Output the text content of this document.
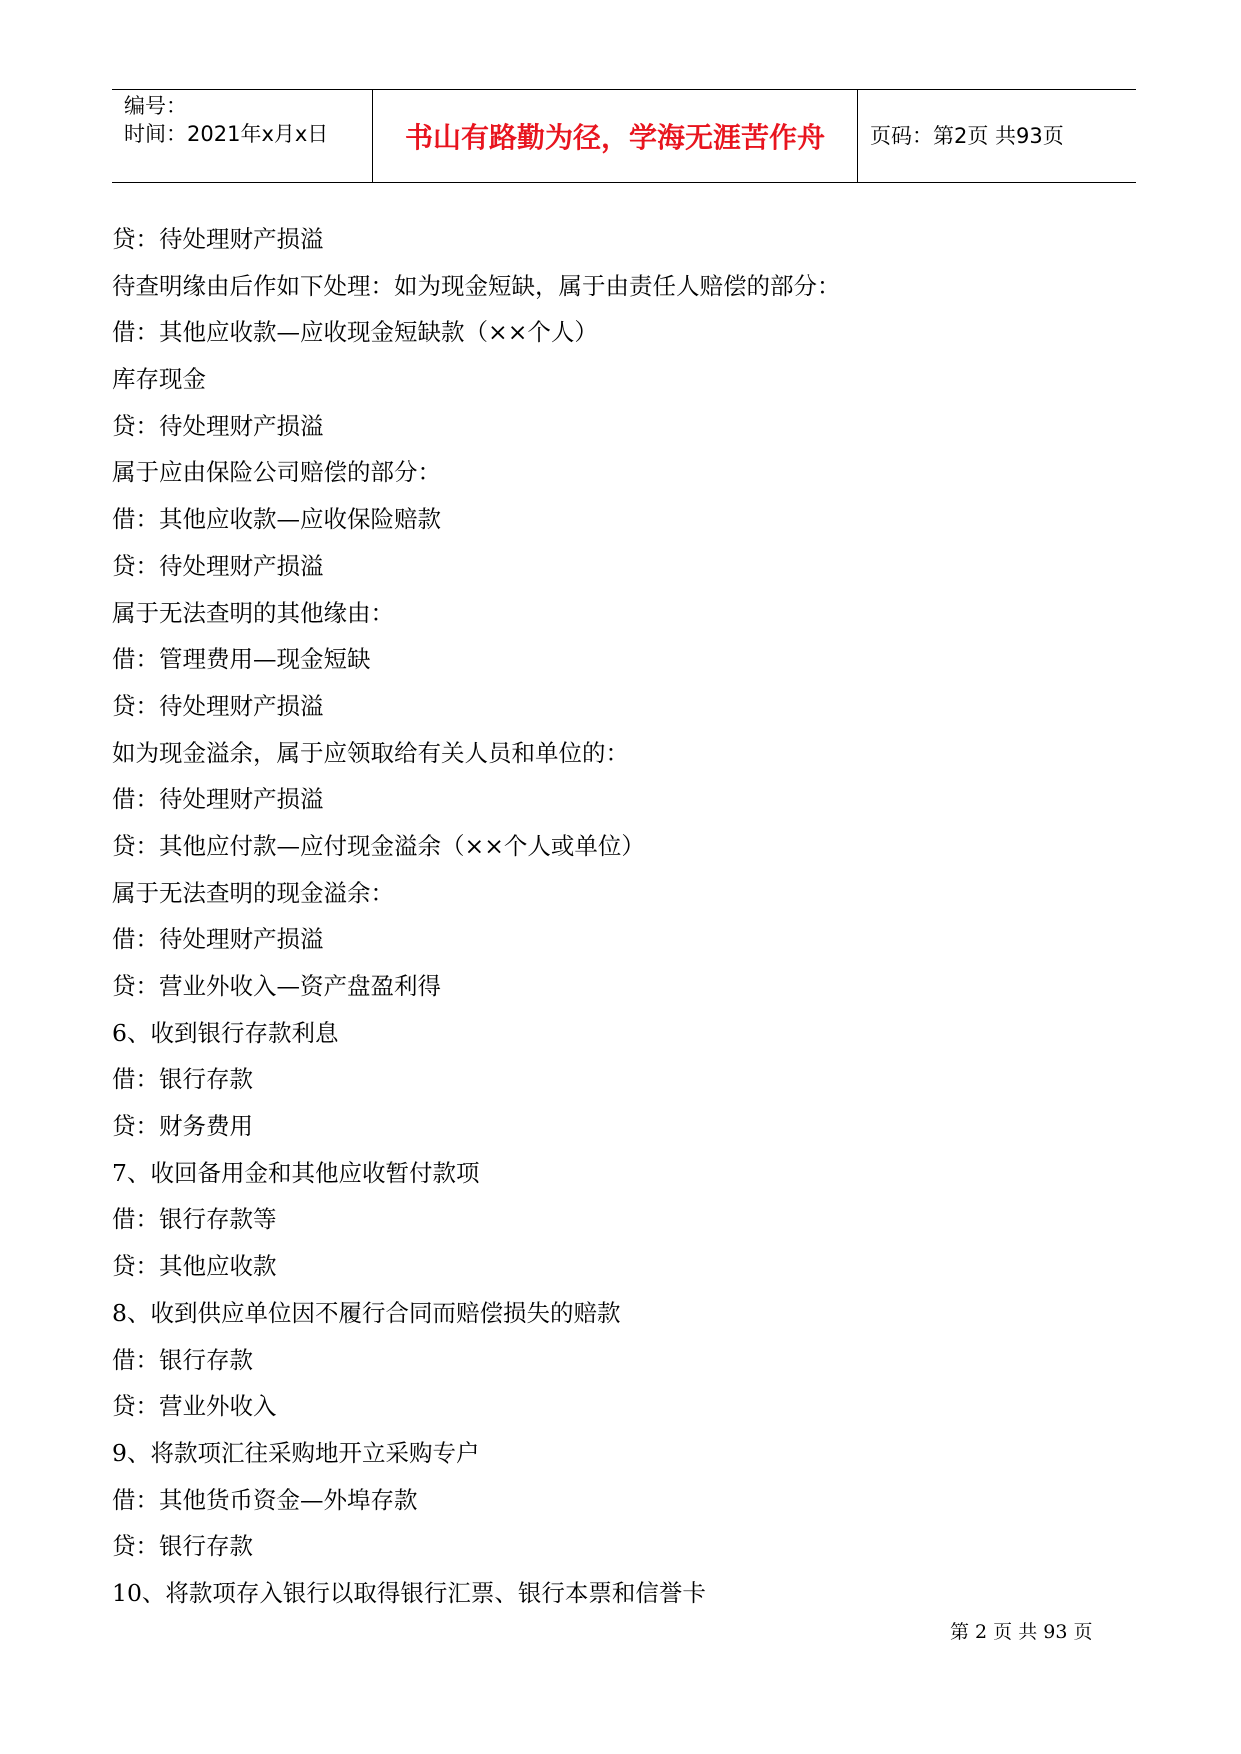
编号：
时间：2021年x月x日	书山有路勤为径，学海无涯苦作舟	页码：第2页 共93页
贷：待处理财产损溢
待查明缘由后作如下处理：如为现金短缺，属于由责任人赔偿的部分：
借：其他应收款—应收现金短缺款（××个人）
库存现金
贷：待处理财产损溢
属于应由保险公司赔偿的部分：
借：其他应收款—应收保险赔款
贷：待处理财产损溢
属于无法查明的其他缘由：
借：管理费用—现金短缺
贷：待处理财产损溢
如为现金溢余，属于应领取给有关人员和单位的：
借：待处理财产损溢
贷：其他应付款—应付现金溢余（××个人或单位）
属于无法查明的现金溢余：
借：待处理财产损溢
贷：营业外收入—资产盘盈利得
6、收到银行存款利息
借：银行存款
贷：财务费用
7、收回备用金和其他应收暂付款项
借：银行存款等
贷：其他应收款
8、收到供应单位因不履行合同而赔偿损失的赔款
借：银行存款
贷：营业外收入
9、将款项汇往采购地开立采购专户
借：其他货币资金—外埠存款
贷：银行存款
10、将款项存入银行以取得银行汇票、银行本票和信誉卡
第 2 页 共 93 页
